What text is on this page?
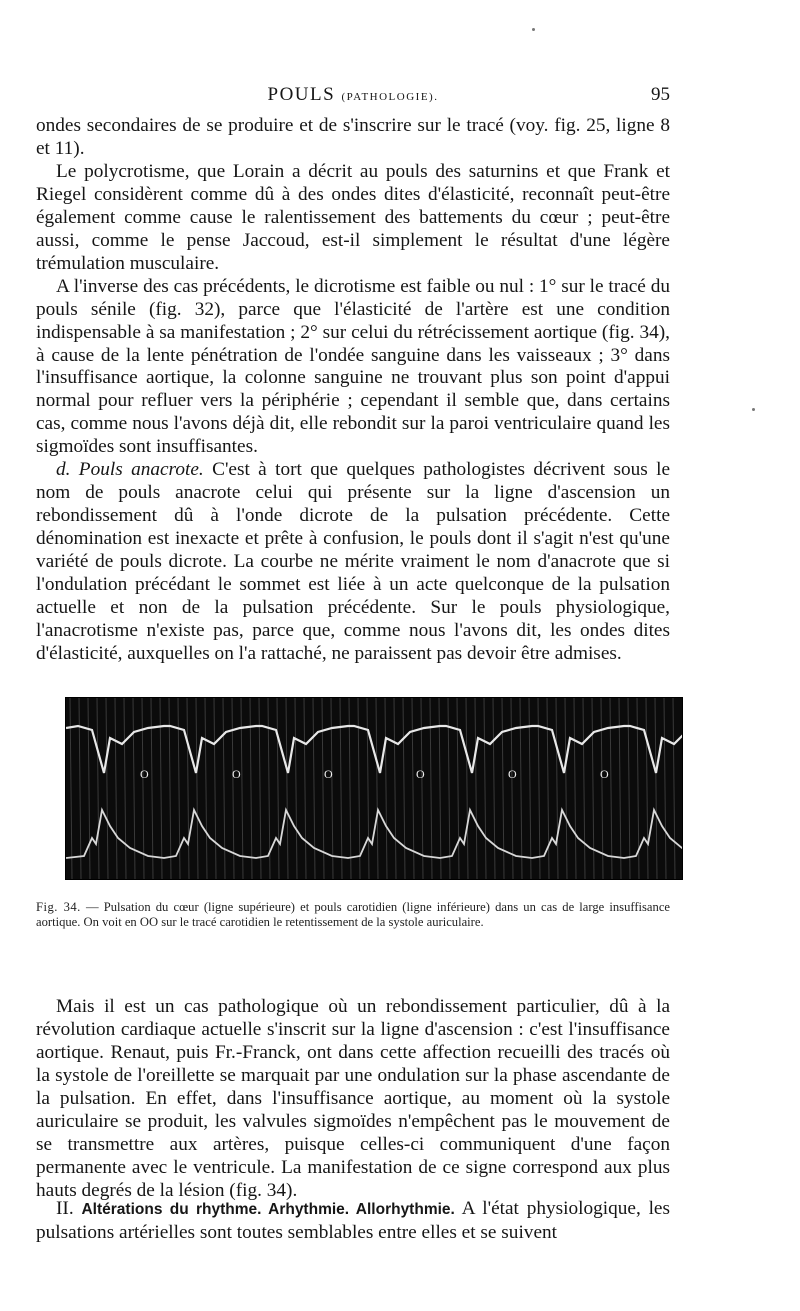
POULS (PATHOLOGIE).	95

ondes secondaires de se produire et de s'inscrire sur le tracé (voy. fig. 25, ligne 8 et 11).

Le polycrotisme, que Lorain a décrit au pouls des saturnins et que Frank et Riegel considèrent comme dû à des ondes dites d'élasticité, reconnaît peut-être également comme cause le ralentissement des battements du cœur ; peut-être aussi, comme le pense Jaccoud, est-il simplement le résultat d'une légère trémulation musculaire.

A l'inverse des cas précédents, le dicrotisme est faible ou nul : 1° sur le tracé du pouls sénile (fig. 32), parce que l'élasticité de l'artère est une condition indispensable à sa manifestation ; 2° sur celui du rétrécissement aortique (fig. 34), à cause de la lente pénétration de l'ondée sanguine dans les vaisseaux ; 3° dans l'insuffisance aortique, la colonne sanguine ne trouvant plus son point d'appui normal pour refluer vers la périphérie ; cependant il semble que, dans certains cas, comme nous l'avons déjà dit, elle rebondit sur la paroi ventriculaire quand les sigmoïdes sont insuffisantes.

d. Pouls anacrote. C'est à tort que quelques pathologistes décrivent sous le nom de pouls anacrote celui qui présente sur la ligne d'ascension un rebondissement dû à l'onde dicrote de la pulsation précédente. Cette dénomination est inexacte et prête à confusion, le pouls dont il s'agit n'est qu'une variété de pouls dicrote. La courbe ne mérite vraiment le nom d'anacrote que si l'ondulation précédant le sommet est liée à un acte quelconque de la pulsation actuelle et non de la pulsation précédente. Sur le pouls physiologique, l'anacrotisme n'existe pas, parce que, comme nous l'avons dit, les ondes dites d'élasticité, auxquelles on l'a rattaché, ne paraissent pas devoir être admises.

O	O	O	O	O	O
Fig. 34. — Pulsation du cœur (ligne supérieure) et pouls carotidien (ligne inférieure) dans un cas de large insuffisance aortique. On voit en OO sur le tracé carotidien le retentissement de la systole auriculaire.

Mais il est un cas pathologique où un rebondissement particulier, dû à la révolution cardiaque actuelle s'inscrit sur la ligne d'ascension : c'est l'insuffisance aortique. Renaut, puis Fr.-Franck, ont dans cette affection recueilli des tracés où la systole de l'oreillette se marquait par une ondulation sur la phase ascendante de la pulsation. En effet, dans l'insuffisance aortique, au moment où la systole auriculaire se produit, les valvules sigmoïdes n'empêchent pas le mouvement de se transmettre aux artères, puisque celles-ci communiquent d'une façon permanente avec le ventricule. La manifestation de ce signe correspond aux plus hauts degrés de la lésion (fig. 34).

II. Altérations du rhythme. Arhythmie. Allorhythmie. A l'état physiologique, les pulsations artérielles sont toutes semblables entre elles et se suivent
